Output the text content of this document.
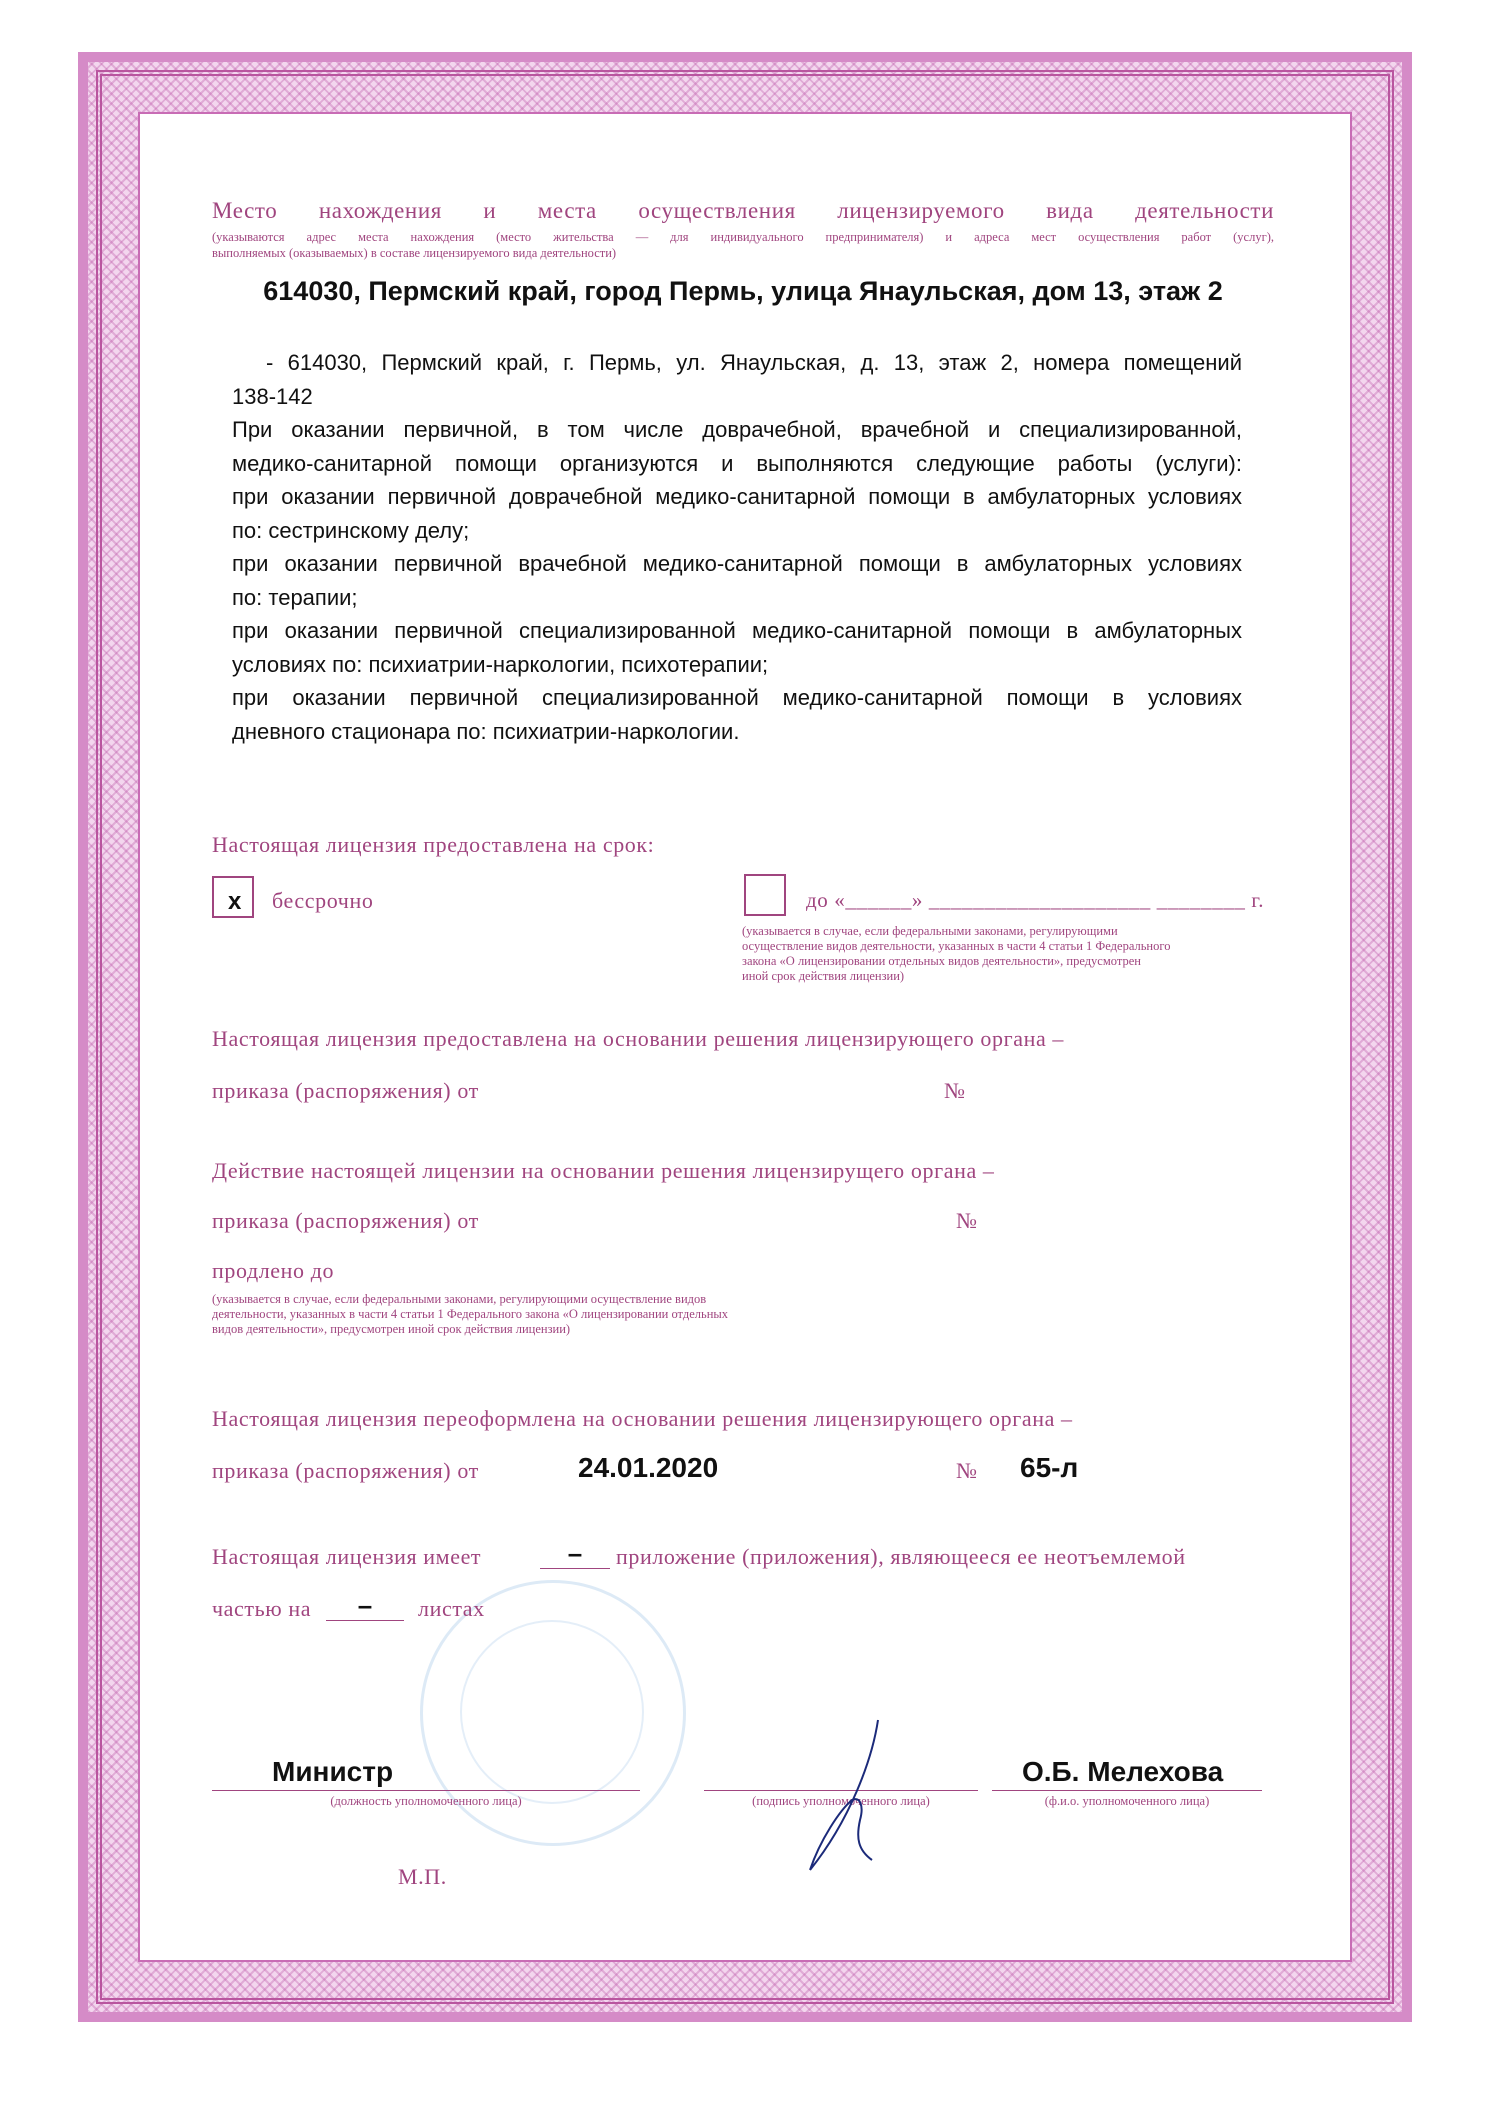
Место нахождения и места осуществления лицензируемого вида деятельности
(указываются адрес места нахождения (место жительства — для индивидуального предпринимателя) и адреса мест осуществления работ (услуг),
выполняемых (оказываемых) в составе лицензируемого вида деятельности)
614030, Пермский край, город Пермь, улица Янаульская, дом 13, этаж 2
- 614030, Пермский край, г. Пермь, ул. Янаульская, д. 13, этаж 2, номера помещений
138-142
При оказании первичной, в том числе доврачебной, врачебной и специализированной,
медико-санитарной помощи организуются и выполняются следующие работы (услуги):
при оказании первичной доврачебной медико-санитарной помощи в амбулаторных условиях
по: сестринскому делу;
при оказании первичной врачебной медико-санитарной помощи в амбулаторных условиях
по: терапии;
при оказании первичной специализированной медико-санитарной помощи в амбулаторных
условиях по: психиатрии-наркологии, психотерапии;
при оказании первичной специализированной медико-санитарной помощи в условиях
дневного стационара по: психиатрии-наркологии.
Настоящая лицензия предоставлена на срок:
х бессрочно	до «______» ____________________ ________ г.
(указывается в случае, если федеральными законами, регулирующими
осуществление видов деятельности, указанных в части 4 статьи 1 Федерального
закона «О лицензировании отдельных видов деятельности», предусмотрен
иной срок действия лицензии)
Настоящая лицензия предоставлена на основании решения лицензирующего органа –
приказа (распоряжения) от	№
Действие настоящей лицензии на основании решения лицензирущего органа –
приказа (распоряжения) от	№
продлено до
(указывается в случае, если федеральными законами, регулирующими осуществление видов
деятельности, указанных в части 4 статьи 1 Федерального закона «О лицензировании отдельных
видов деятельности», предусмотрен иной срок действия лицензии)
Настоящая лицензия переоформлена на основании решения лицензирующего органа –
приказа (распоряжения) от	24.01.2020	№ 65-л
Настоящая лицензия имеет	–	приложение (приложения), являющееся ее неотъемлемой
частью на	–	листах
Министр
(должность уполномоченного лица)	(подпись уполномоченного лица)
О.Б. Мелехова
(ф.и.о. уполномоченного лица)
М.П.
